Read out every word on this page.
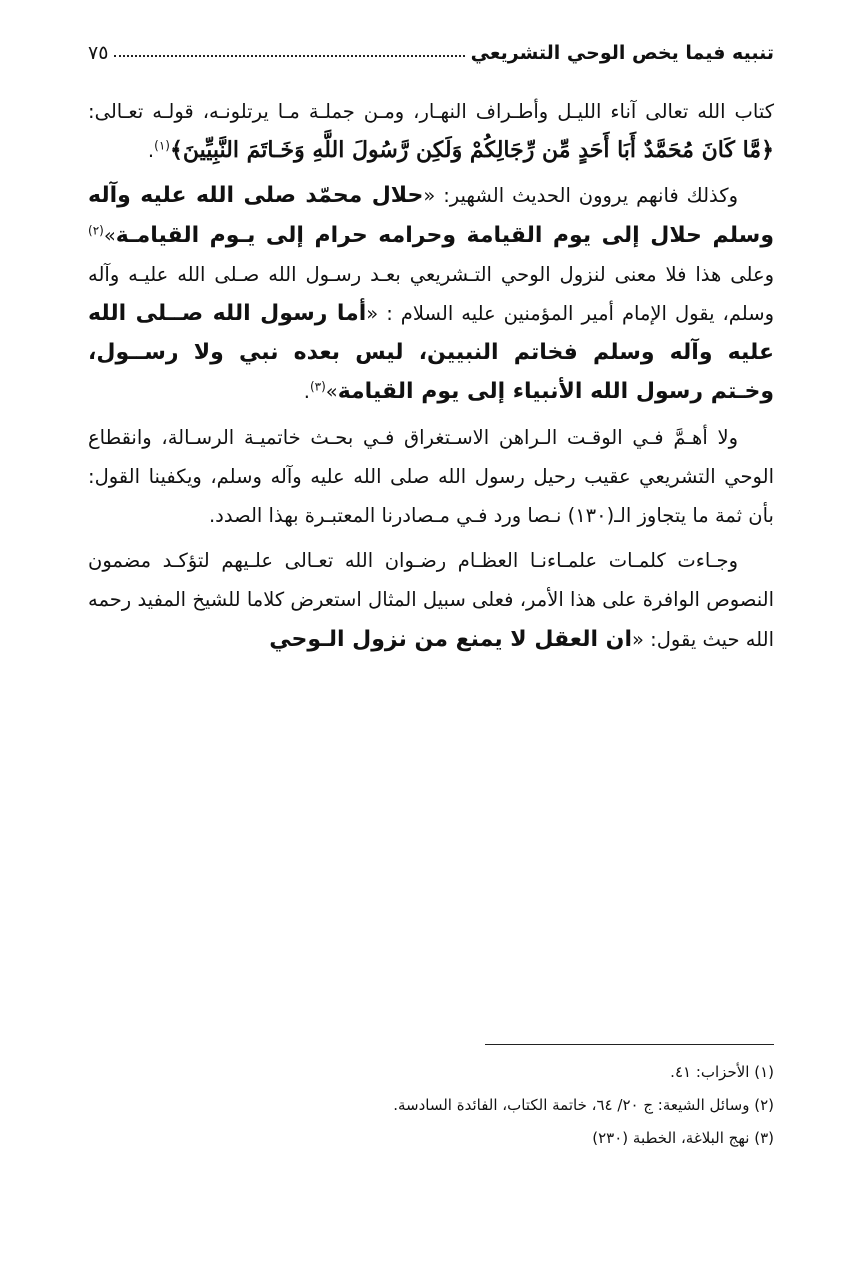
تنبيه فيما يخص الوحي التشريعي
٧٥

كتاب الله تعالى آناء الليـل وأطـراف النهـار، ومـن جملـة مـا يرتلونـه، قولـه تعـالى: ﴿مَّا كَانَ مُحَمَّدٌ أَبَا أَحَدٍ مِّن رِّجَالِكُمْ وَلَكِن رَّسُولَ اللَّهِ وَخَـاتَمَ النَّبِيِّينَ﴾$^{(١)}$.

وكذلك فانهم يروون الحديث الشهير: «حلال محمّد صلى الله عليه وآله وسلم حلال إلى يوم القيامة وحرامه حرام إلى يـوم القيامـة»$^{(٢)}$ وعلى هذا فلا معنى لنزول الوحي التـشريعي بعـد رسـول الله صـلى الله عليـه وآله وسلم، يقول الإمام أمير المؤمنين عليه السلام : «أما رسول الله صــلى الله عليه وآله وسلم فخاتم النبيين، ليس بعده نبي ولا رســول، وخـتم رسول الله الأنبياء إلى يوم القيامة»$^{(٣)}$.

ولا أهـمَّ فـي الوقـت الـراهن الاسـتغراق فـي بحـث خاتميـة الرسـالة، وانقطاع الوحي التشريعي عقيب رحيل رسول الله صلى الله عليه وآله وسلم، ويكفينا القول: بأن ثمة ما يتجاوز الـ(١٣٠) نـصا ورد فـي مـصادرنا المعتبـرة بهذا الصدد.

وجـاءت كلمـات علمـاءنـا العظـام رضـوان الله تعـالى علـيهم لتؤكـد مضمون النصوص الوافرة على هذا الأمر، فعلى سبيل المثال استعرض كلاما للشيخ المفيد رحمه الله حيث يقول: «ان العقل لا يمنع من نزول الـوحي

(١) الأحزاب: ٤١.

(٢) وسائل الشيعة: ج ٢٠/ ٦٤، خاتمة الكتاب، الفائدة السادسة.

(٣) نهج البلاغة، الخطبة (٢٣٠)
